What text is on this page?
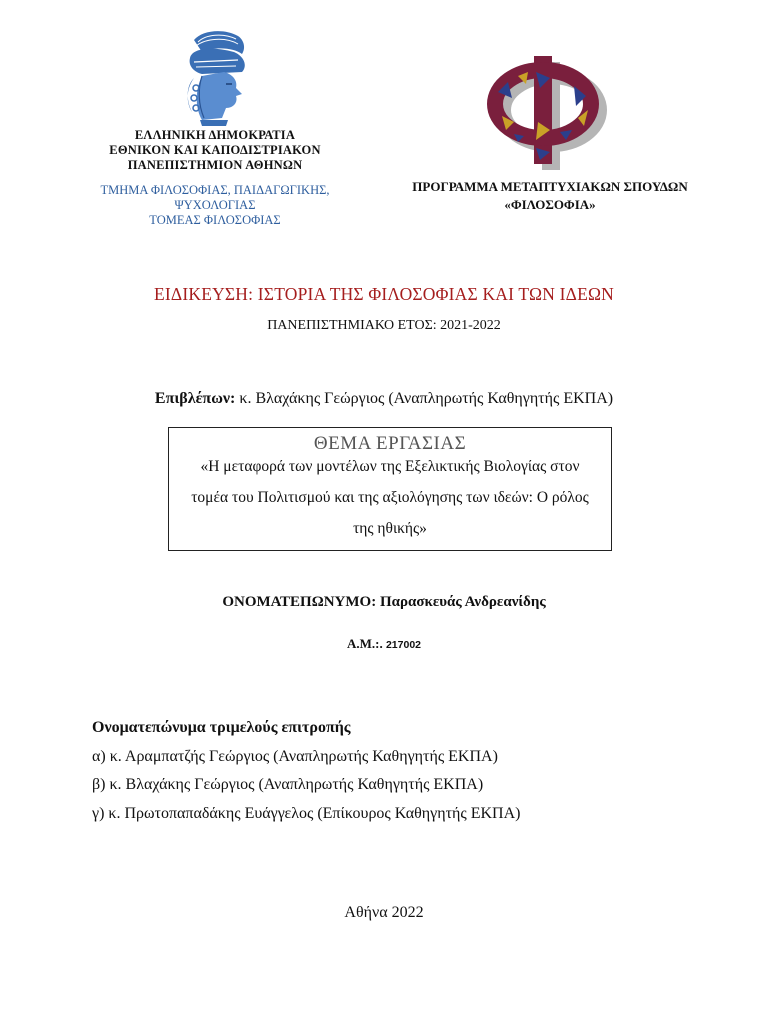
ΕΛΛΗΝΙΚΗ ΔΗΜΟΚΡΑΤΙΑ
ΕΘΝΙΚΟΝ ΚΑΙ ΚΑΠΟΔΙΣΤΡΙΑΚΟΝ
ΠΑΝΕΠΙΣΤΗΜΙΟΝ ΑΘΗΝΩΝ
ΤΜΗΜΑ ΦΙΛΟΣΟΦΙΑΣ, ΠΑΙΔΑΓΩΓΙΚΗΣ,
ΨΥΧΟΛΟΓΙΑΣ
ΤΟΜΕΑΣ ΦΙΛΟΣΟΦΙΑΣ
ΠΡΟΓΡΑΜΜΑ ΜΕΤΑΠΤΥΧΙΑΚΩΝ ΣΠΟΥΔΩΝ
«ΦΙΛΟΣΟΦΙΑ»
ΕΙΔΙΚΕΥΣΗ: ΙΣΤΟΡΙΑ ΤΗΣ ΦΙΛΟΣΟΦΙΑΣ ΚΑΙ ΤΩΝ ΙΔΕΩΝ
ΠΑΝΕΠΙΣΤΗΜΙΑΚΟ ΕΤΟΣ: 2021-2022
Επιβλέπων: κ. Βλαχάκης Γεώργιος (Αναπληρωτής Καθηγητής ΕΚΠΑ)
ΘΕΜΑ ΕΡΓΑΣΙΑΣ
«Η μεταφορά των μοντέλων της Εξελικτικής Βιολογίας στον τομέα του Πολιτισμού και της αξιολόγησης των ιδεών: Ο ρόλος της ηθικής»
ΟΝΟΜΑΤΕΠΩΝΥΜΟ: Παρασκευάς Ανδρεανίδης
Α.Μ.:. 217002
Ονοματεπώνυμα τριμελούς επιτροπής
α) κ. Αραμπατζής Γεώργιος (Αναπληρωτής Καθηγητής ΕΚΠΑ)
β) κ. Βλαχάκης Γεώργιος (Αναπληρωτής Καθηγητής ΕΚΠΑ)
γ) κ. Πρωτοπαπαδάκης Ευάγγελος (Επίκουρος Καθηγητής ΕΚΠΑ)
Αθήνα 2022
